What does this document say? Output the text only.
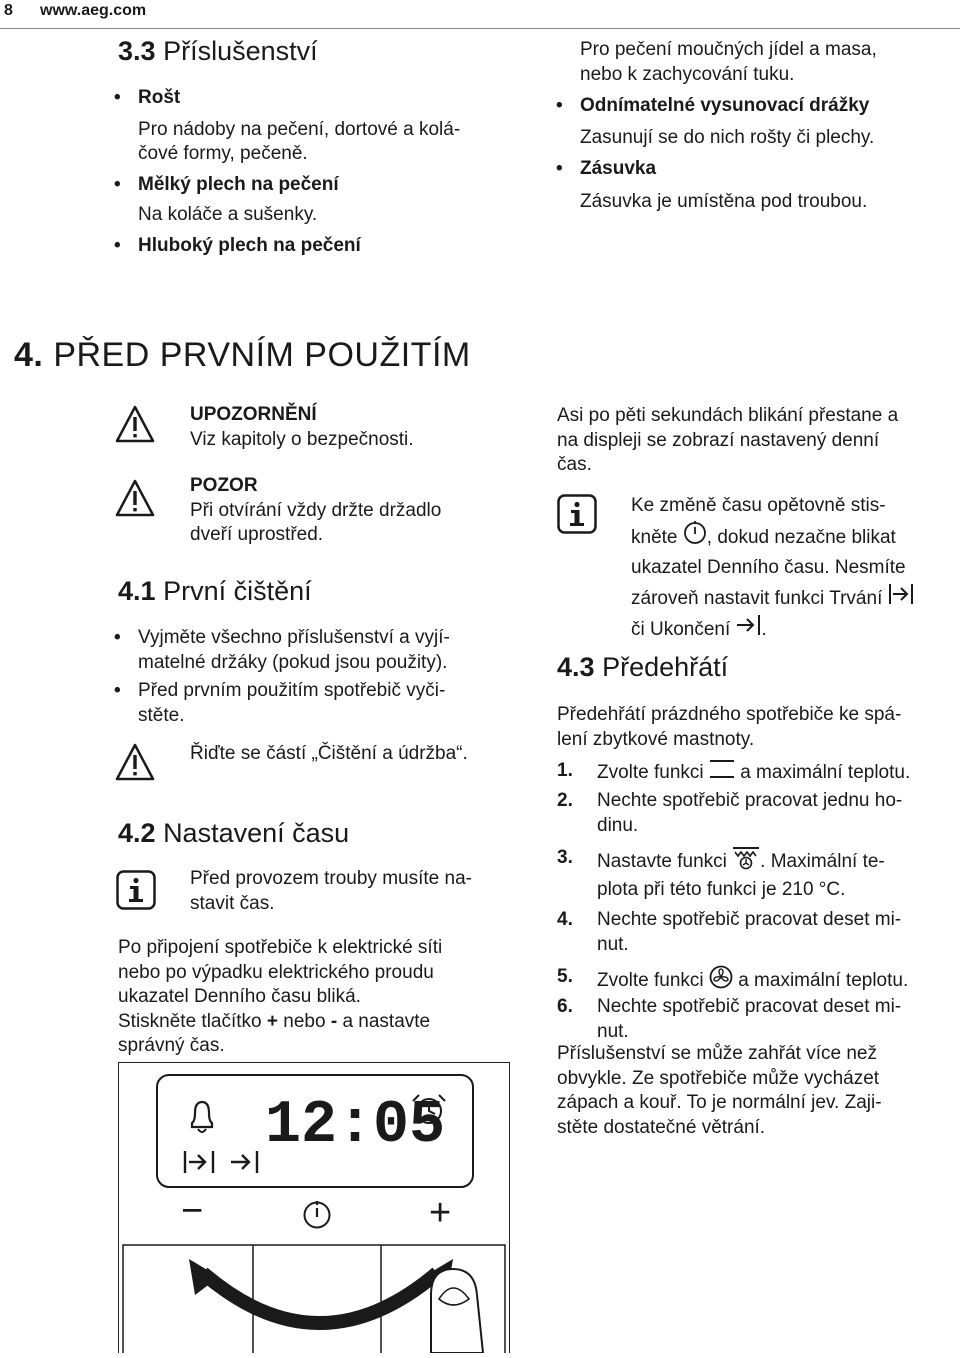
8 www.aeg.com
3.3 Příslušenství
• Rošt
Pro nádoby na pečení, dortové a kolá-
čové formy, pečeně.
• Mělký plech na pečení
Na koláče a sušenky.
• Hluboký plech na pečení
Pro pečení moučných jídel a masa,
nebo k zachycování tuku.
• Odnímatelné vysunovací drážky
Zasunují se do nich rošty či plechy.
• Zásuvka
Zásuvka je umístěna pod troubou.
4. PŘED PRVNÍM POUŽITÍM
UPOZORNĚNÍ
Viz kapitoly o bezpečnosti.
POZOR
Při otvírání vždy držte držadlo
dveří uprostřed.
4.1 První čištění
• Vyjměte všechno příslušenství a vyjí-
matelné držáky (pokud jsou použity).
• Před prvním použitím spotřebič vyči-
stěte.
Řiďte se částí „Čištění a údržba“.
4.2 Nastavení času
Před provozem trouby musíte na-
stavit čas.
Po připojení spotřebiče k elektrické síti
nebo po výpadku elektrického proudu
ukazatel Denního času bliká.
Stiskněte tlačítko + nebo - a nastavte
správný čas.
12:05
−	+
Asi po pěti sekundách blikání přestane a
na displeji se zobrazí nastavený denní
čas.
Ke změně času opětovně stis-
kněte , dokud nezačne blikat
ukazatel Denního času. Nesmíte
zároveň nastavit funkci Trvání
či Ukončení .
4.3 Předehřátí
Předehřátí prázdného spotřebiče ke spá-
lení zbytkové mastnoty.
1. Zvolte funkci  a maximální teplotu.
2. Nechte spotřebič pracovat jednu ho-
dinu.
3. Nastavte funkci . Maximální te-
plota při této funkci je 210 °C.
4. Nechte spotřebič pracovat deset mi-
nut.
5. Zvolte funkci  a maximální teplotu.
6. Nechte spotřebič pracovat deset mi-
nut.
Příslušenství se může zahřát více než
obvykle. Ze spotřebiče může vycházet
zápach a kouř. To je normální jev. Zaji-
stěte dostatečné větrání.
